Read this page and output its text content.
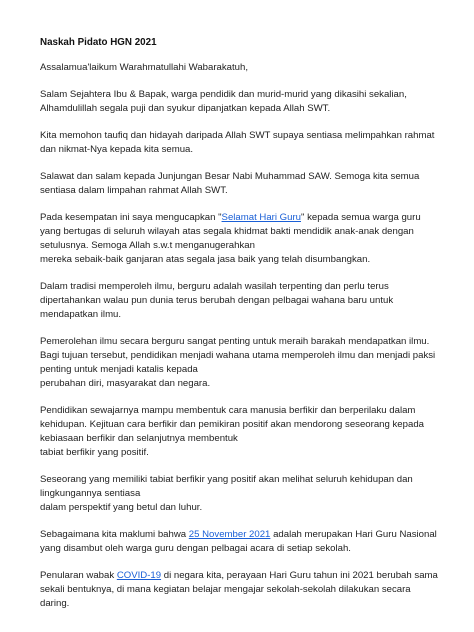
Naskah Pidato HGN 2021
Assalamua'laikum Warahmatullahi Wabarakatuh,
Salam Sejahtera Ibu & Bapak, warga pendidik dan murid-murid yang dikasihi sekalian,
Alhamdulillah segala puji dan syukur dipanjatkan kepada Allah SWT.
Kita memohon taufiq dan hidayah daripada Allah SWT supaya sentiasa melimpahkan rahmat
dan nikmat-Nya kepada kita semua.
Salawat dan salam kepada Junjungan Besar Nabi Muhammad SAW. Semoga kita semua
sentiasa dalam limpahan rahmat Allah SWT.
Pada kesempatan ini saya mengucapkan "Selamat Hari Guru" kepada semua warga guru
yang bertugas di seluruh wilayah atas segala khidmat bakti mendidik anak-anak dengan
setulusnya. Semoga Allah s.w.t menganugerahkan
mereka sebaik-baik ganjaran atas segala jasa baik yang telah disumbangkan.
Dalam tradisi memperoleh ilmu, berguru adalah wasilah terpenting dan perlu terus
dipertahankan walau pun dunia terus berubah dengan pelbagai wahana baru untuk
mendapatkan ilmu.
Pemerolehan ilmu secara berguru sangat penting untuk meraih barakah mendapatkan ilmu.
Bagi tujuan tersebut, pendidikan menjadi wahana utama memperoleh ilmu dan menjadi paksi
penting untuk menjadi katalis kepada
perubahan diri, masyarakat dan negara.
Pendidikan sewajarnya mampu membentuk cara manusia berfikir dan berperilaku dalam
kehidupan. Kejituan cara berfikir dan pemikiran positif akan mendorong seseorang kepada
kebiasaan berfikir dan selanjutnya membentuk
tabiat berfikir yang positif.
Seseorang yang memiliki tabiat berfikir yang positif akan melihat seluruh kehidupan dan
lingkungannya sentiasa
dalam perspektif yang betul dan luhur.
Sebagaimana kita maklumi bahwa 25 November 2021 adalah merupakan Hari Guru Nasional
yang disambut oleh warga guru dengan pelbagai acara di setiap sekolah.
Penularan wabak COVID-19 di negara kita, perayaan Hari Guru tahun ini 2021 berubah sama
sekali bentuknya, di mana kegiatan belajar mengajar sekolah-sekolah dilakukan secara
daring.
